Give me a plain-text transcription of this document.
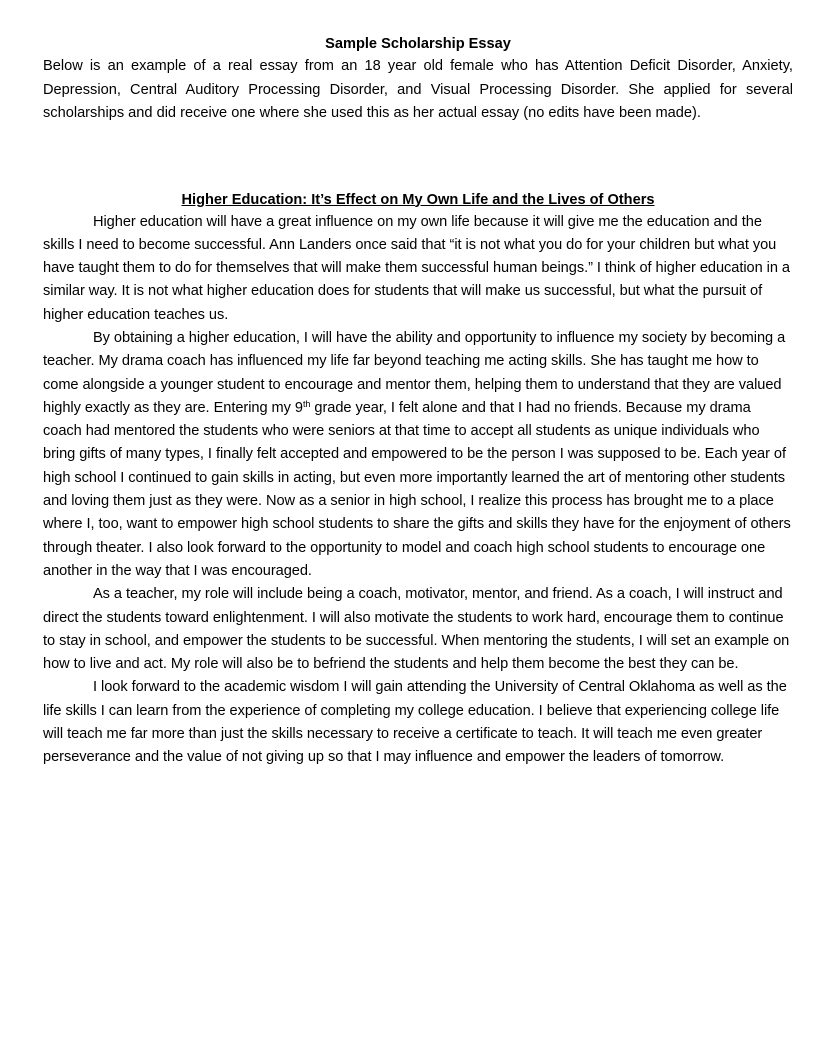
Sample Scholarship Essay

Below is an example of a real essay from an 18 year old female who has Attention Deficit Disorder, Anxiety, Depression, Central Auditory Processing Disorder, and Visual Processing Disorder. She applied for several scholarships and did receive one where she used this as her actual essay (no edits have been made).

Higher Education: It’s Effect on My Own Life and the Lives of Others

Higher education will have a great influence on my own life because it will give me the education and the skills I need to become successful. Ann Landers once said that “it is not what you do for your children but what you have taught them to do for themselves that will make them successful human beings.” I think of higher education in a similar way. It is not what higher education does for students that will make us successful, but what the pursuit of higher education teaches us.

By obtaining a higher education, I will have the ability and opportunity to influence my society by becoming a teacher. My drama coach has influenced my life far beyond teaching me acting skills. She has taught me how to come alongside a younger student to encourage and mentor them, helping them to understand that they are valued highly exactly as they are. Entering my 9th grade year, I felt alone and that I had no friends. Because my drama coach had mentored the students who were seniors at that time to accept all students as unique individuals who bring gifts of many types, I finally felt accepted and empowered to be the person I was supposed to be. Each year of high school I continued to gain skills in acting, but even more importantly learned the art of mentoring other students and loving them just as they were. Now as a senior in high school, I realize this process has brought me to a place where I, too, want to empower high school students to share the gifts and skills they have for the enjoyment of others through theater. I also look forward to the opportunity to model and coach high school students to encourage one another in the way that I was encouraged.

As a teacher, my role will include being a coach, motivator, mentor, and friend. As a coach, I will instruct and direct the students toward enlightenment. I will also motivate the students to work hard, encourage them to continue to stay in school, and empower the students to be successful. When mentoring the students, I will set an example on how to live and act. My role will also be to befriend the students and help them become the best they can be.

I look forward to the academic wisdom I will gain attending the University of Central Oklahoma as well as the life skills I can learn from the experience of completing my college education. I believe that experiencing college life will teach me far more than just the skills necessary to receive a certificate to teach. It will teach me even greater perseverance and the value of not giving up so that I may influence and empower the leaders of tomorrow.
